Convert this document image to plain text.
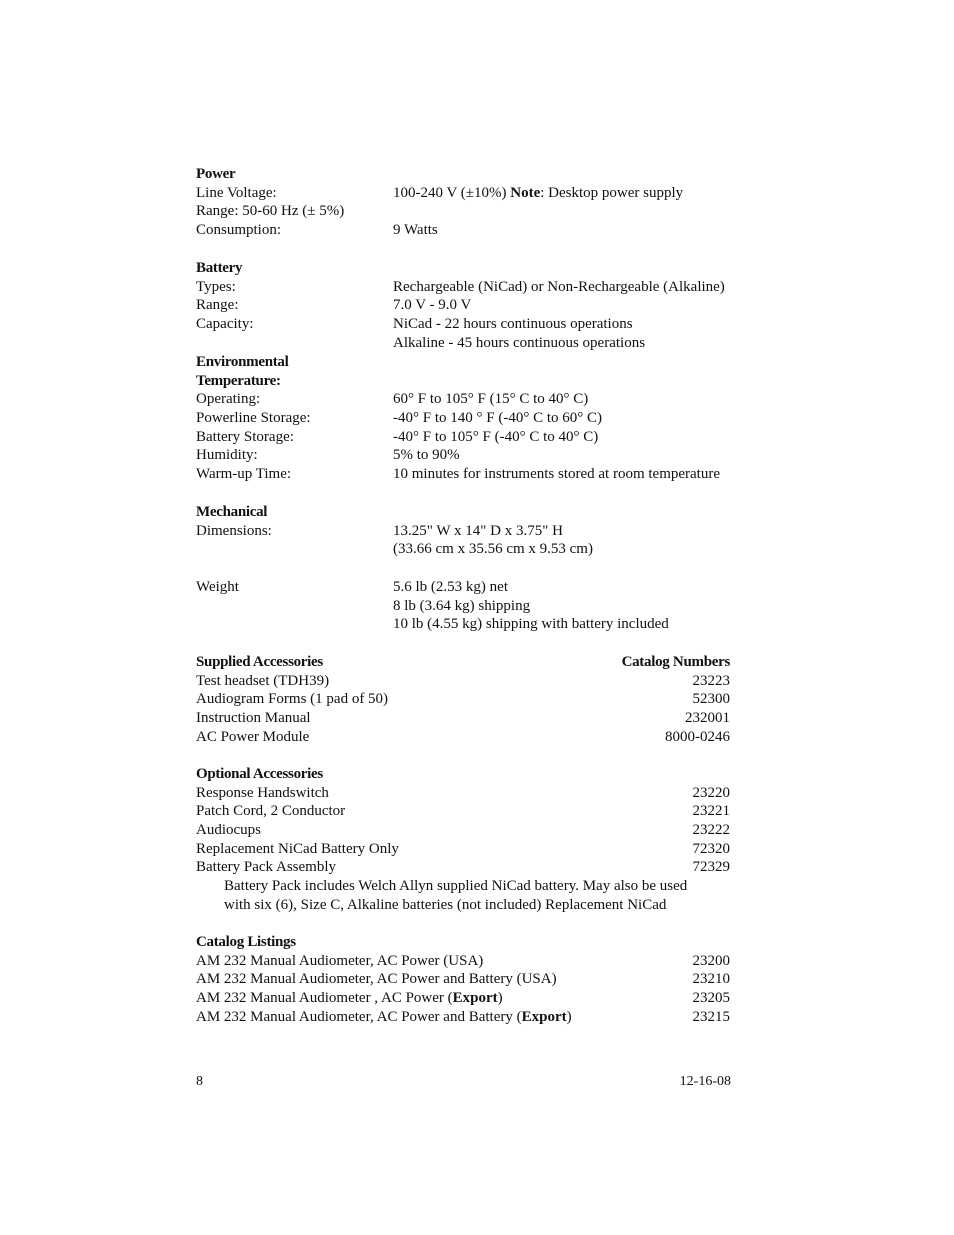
Power
Line Voltage:	100-240 V (±10%) Note: Desktop power supply
Range: 50-60 Hz (± 5%)
Consumption:	9 Watts
Battery
Types:	Rechargeable (NiCad) or Non-Rechargeable (Alkaline)
Range:	7.0 V - 9.0 V
Capacity:	NiCad - 22 hours continuous operations
Alkaline - 45 hours continuous operations
Environmental
Temperature:
Operating:	60° F to 105° F (15° C to 40° C)
Powerline Storage:	-40° F to 140 ° F (-40° C to 60° C)
Battery Storage:	-40° F to 105° F (-40° C to 40° C)
Humidity:	5% to 90%
Warm-up Time:	10 minutes for instruments stored at room temperature
Mechanical
Dimensions:	13.25" W x 14" D x 3.75" H
(33.66 cm x 35.56 cm x 9.53 cm)
Weight	5.6 lb (2.53 kg) net
8 lb (3.64 kg) shipping
10 lb (4.55 kg) shipping with battery included
Supplied Accessories	Catalog Numbers
Test headset (TDH39)	23223
Audiogram Forms (1 pad of 50)	52300
Instruction Manual	232001
AC Power Module	8000-0246
Optional Accessories
Response Handswitch	23220
Patch Cord, 2 Conductor	23221
Audiocups	23222
Replacement NiCad Battery Only	72320
Battery Pack Assembly	72329
Battery Pack includes Welch Allyn supplied NiCad battery. May also be used
with six (6), Size C, Alkaline batteries (not included) Replacement NiCad
Catalog Listings
AM 232 Manual Audiometer, AC Power (USA)	23200
AM 232 Manual Audiometer, AC Power and Battery (USA)	23210
AM 232 Manual Audiometer , AC Power (Export)	23205
AM 232 Manual Audiometer, AC Power and Battery (Export)	23215
8	12-16-08
